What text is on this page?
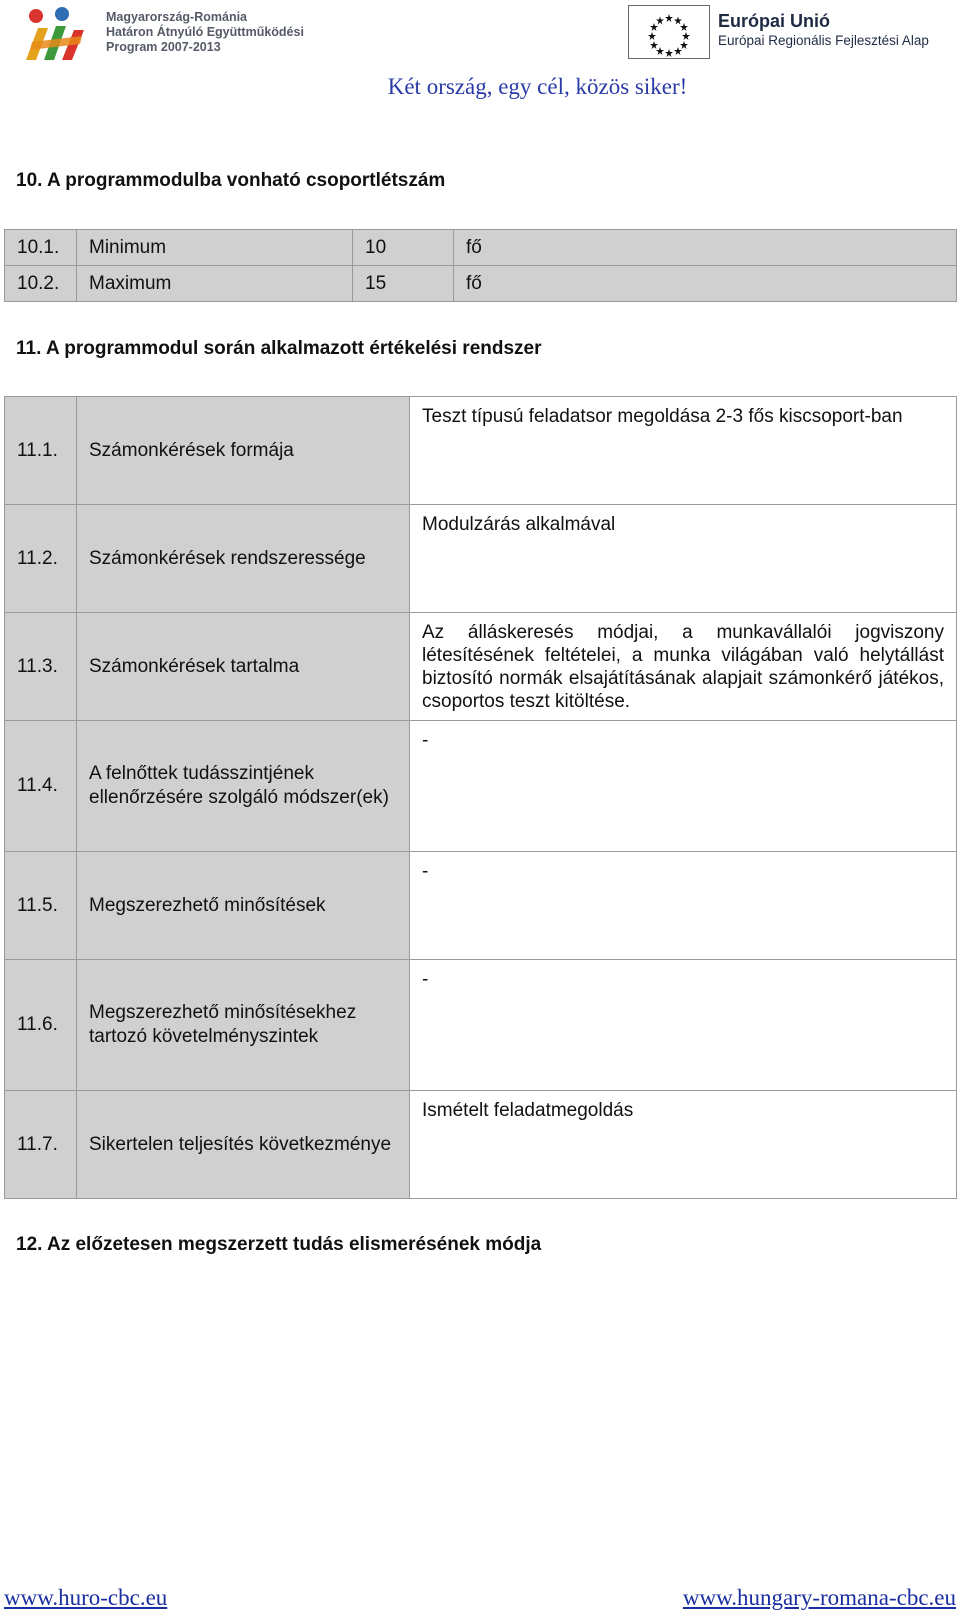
Magyarország-Románia
Határon Átnyúló Együttműködési
Program 2007-2013
Európai Unió
Európai Regionális Fejlesztési Alap
Két ország, egy cél, közös siker!
10. A programmodulba vonható csoportlétszám
10.1.	Minimum	10	fő
10.2.	Maximum	15	fő
11. A programmodul során alkalmazott értékelési rendszer
11.1.	Számonkérések formája	Teszt típusú feladatsor megoldása 2-3 fős kiscsoport-ban
11.2.	Számonkérések rendszeressége	Modulzárás alkalmával
11.3.	Számonkérések tartalma	Az álláskeresés módjai, a munkavállalói jogviszony létesítésének feltételei, a munka világában való helytállást biztosító normák elsajátításának alapjait számonkérő játékos, csoportos teszt kitöltése.
11.4.	A felnőttek tudásszintjének ellenőrzésére szolgáló módszer(ek)	-
11.5.	Megszerezhető minősítések	-
11.6.	Megszerezhető minősítésekhez tartozó követelményszintek	-
11.7.	Sikertelen teljesítés következménye	Ismételt feladatmegoldás
12. Az előzetesen megszerzett tudás elismerésének módja
www.huro-cbc.eu	www.hungary-romana-cbc.eu
